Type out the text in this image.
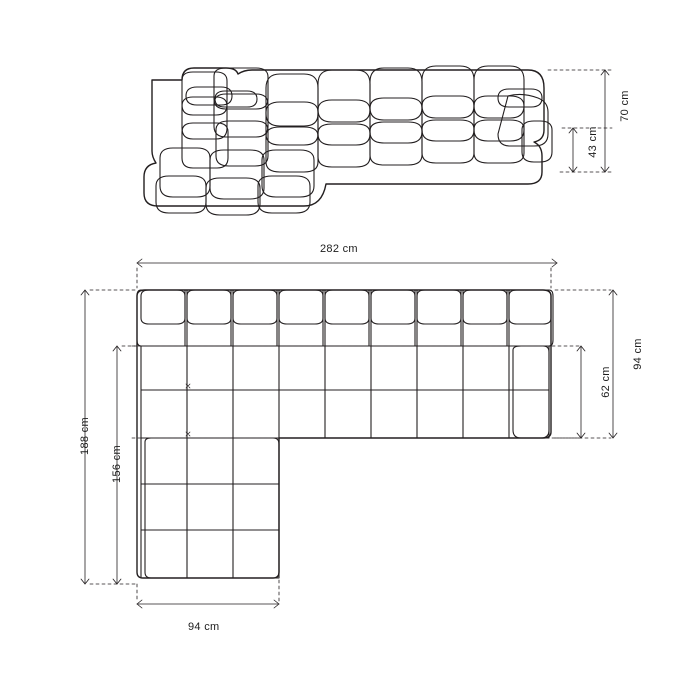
70 cm
43 cm
282 cm
188 cm
156 cm
94 cm
62 cm
94 cm
